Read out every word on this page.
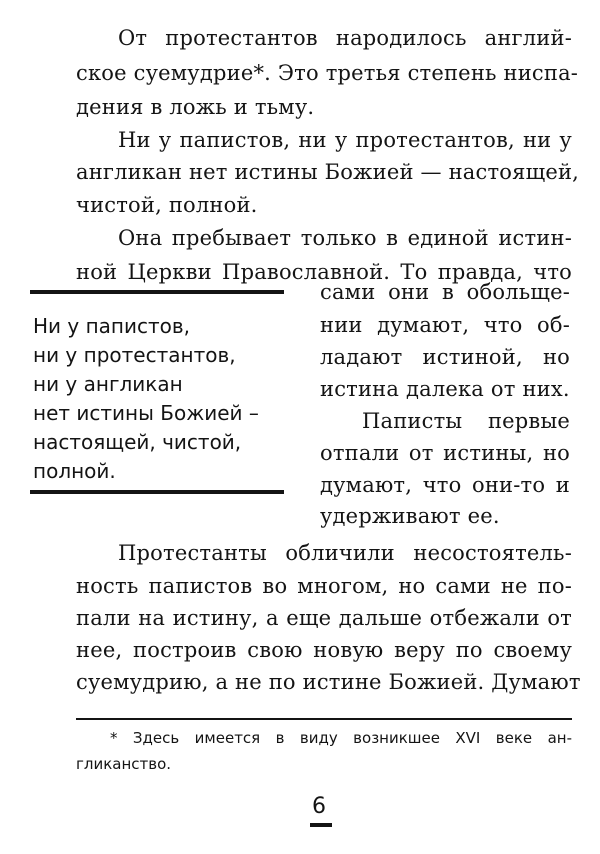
От протестантов народилось англий-
ское суемудрие*. Это третья степень ниспа-
дения в ложь и тьму.
Ни у папистов, ни у протестантов, ни у
англикан нет истины Божией — настоящей,
чистой, полной.
Она пребывает только в единой истин-
ной Церкви Православной. То правда, что
Ни у папистов,
ни у протестантов,
ни у англикан
нет истины Божией –
настоящей, чистой,
полной.
сами они в обольще-
нии думают, что об-
ладают истиной, но
истина далека от них.
Паписты первые
отпали от истины, но
думают, что они-то и
удерживают ее.
Протестанты обличили несостоятель-
ность папистов во многом, но сами не по-
пали на истину, а еще дальше отбежали от
нее, построив свою новую веру по своему
суемудрию, а не по истине Божией. Думают
* Здесь имеется в виду возникшее XVI веке ан-
гликанство.
6
